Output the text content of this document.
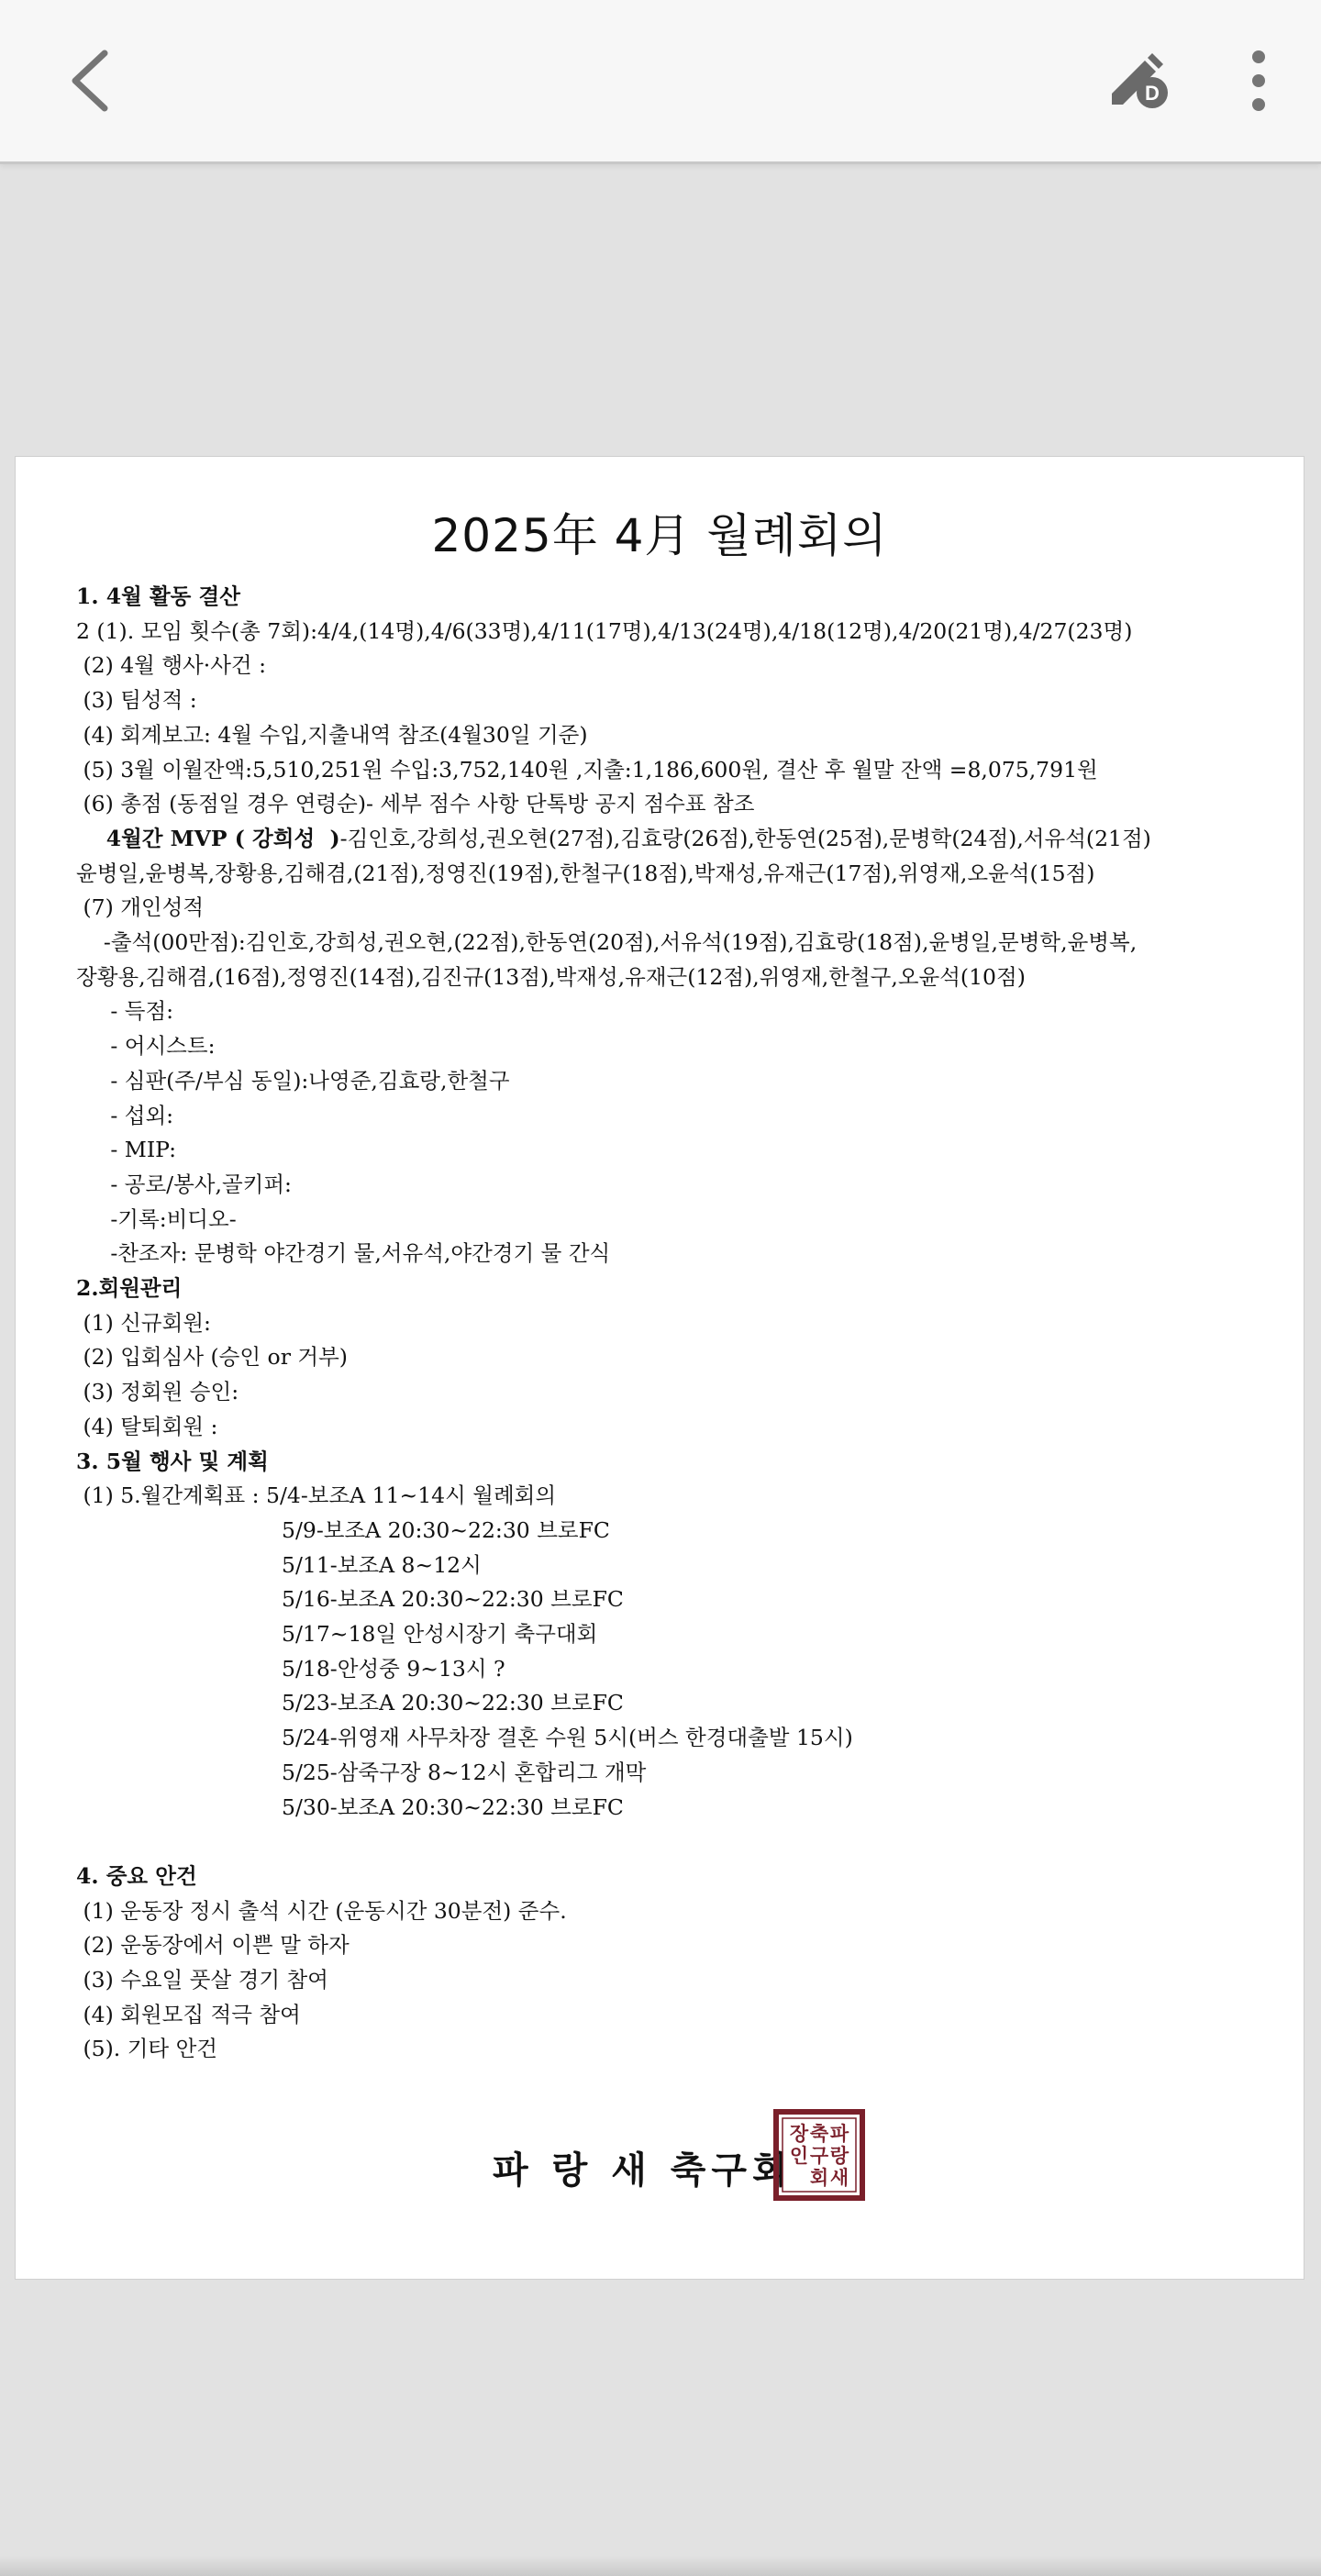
D
2025年 4月 월례회의
1. 4월 활동 결산
2 (1). 모임 횟수(총 7회):4/4,(14명),4/6(33명),4/11(17명),4/13(24명),4/18(12명),4/20(21명),4/27(23명)
(2) 4월 행사·사건 :
(3) 팀성적 :
(4) 회계보고: 4월 수입,지출내역 참조(4월30일 기준)
(5) 3월 이월잔액:5,510,251원 수입:3,752,140원 ,지출:1,186,600원, 결산 후 월말 잔액 =8,075,791원
(6) 총점 (동점일 경우 연령순)- 세부 점수 사항 단톡방 공지 점수표 참조
4월간 MVP ( 강희성  )-김인호,강희성,권오현(27점),김효랑(26점),한동연(25점),문병학(24점),서유석(21점)
윤병일,윤병복,장황용,김해겸,(21점),정영진(19점),한철구(18점),박재성,유재근(17점),위영재,오윤석(15점)
(7) 개인성적
-출석(00만점):김인호,강희성,권오현,(22점),한동연(20점),서유석(19점),김효랑(18점),윤병일,문병학,윤병복,
장황용,김해겸,(16점),정영진(14점),김진규(13점),박재성,유재근(12점),위영재,한철구,오윤석(10점)
- 득점:
- 어시스트:
- 심판(주/부심 동일):나영준,김효랑,한철구
- 섭외:
- MIP:
- 공로/봉사,골키퍼:
-기록:비디오-
-찬조자: 문병학 야간경기 물,서유석,야간경기 물 간식
2.회원관리
(1) 신규회원:
(2) 입회심사 (승인 or 거부)
(3) 정회원 승인:
(4) 탈퇴회원 :
3. 5월 행사 및 계획
(1) 5.월간계획표 : 5/4-보조A 11~14시 월례회의
5/9-보조A 20:30~22:30 브로FC
5/11-보조A 8~12시
5/16-보조A 20:30~22:30 브로FC
5/17~18일 안성시장기 축구대회
5/18-안성중 9~13시 ?
5/23-보조A 20:30~22:30 브로FC
5/24-위영재 사무차장 결혼 수원 5시(버스 한경대출발 15시)
5/25-삼죽구장 8~12시 혼합리그 개막
5/30-보조A 20:30~22:30 브로FC
4. 중요 안건
(1) 운동장 정시 출석 시간 (운동시간 30분전) 준수.
(2) 운동장에서 이쁜 말 하자
(3) 수요일 풋살 경기 참여
(4) 회원모집 적극 참여
(5). 기타 안건
파 랑 새 축구회
파
랑
새
축
구
회
장
인
